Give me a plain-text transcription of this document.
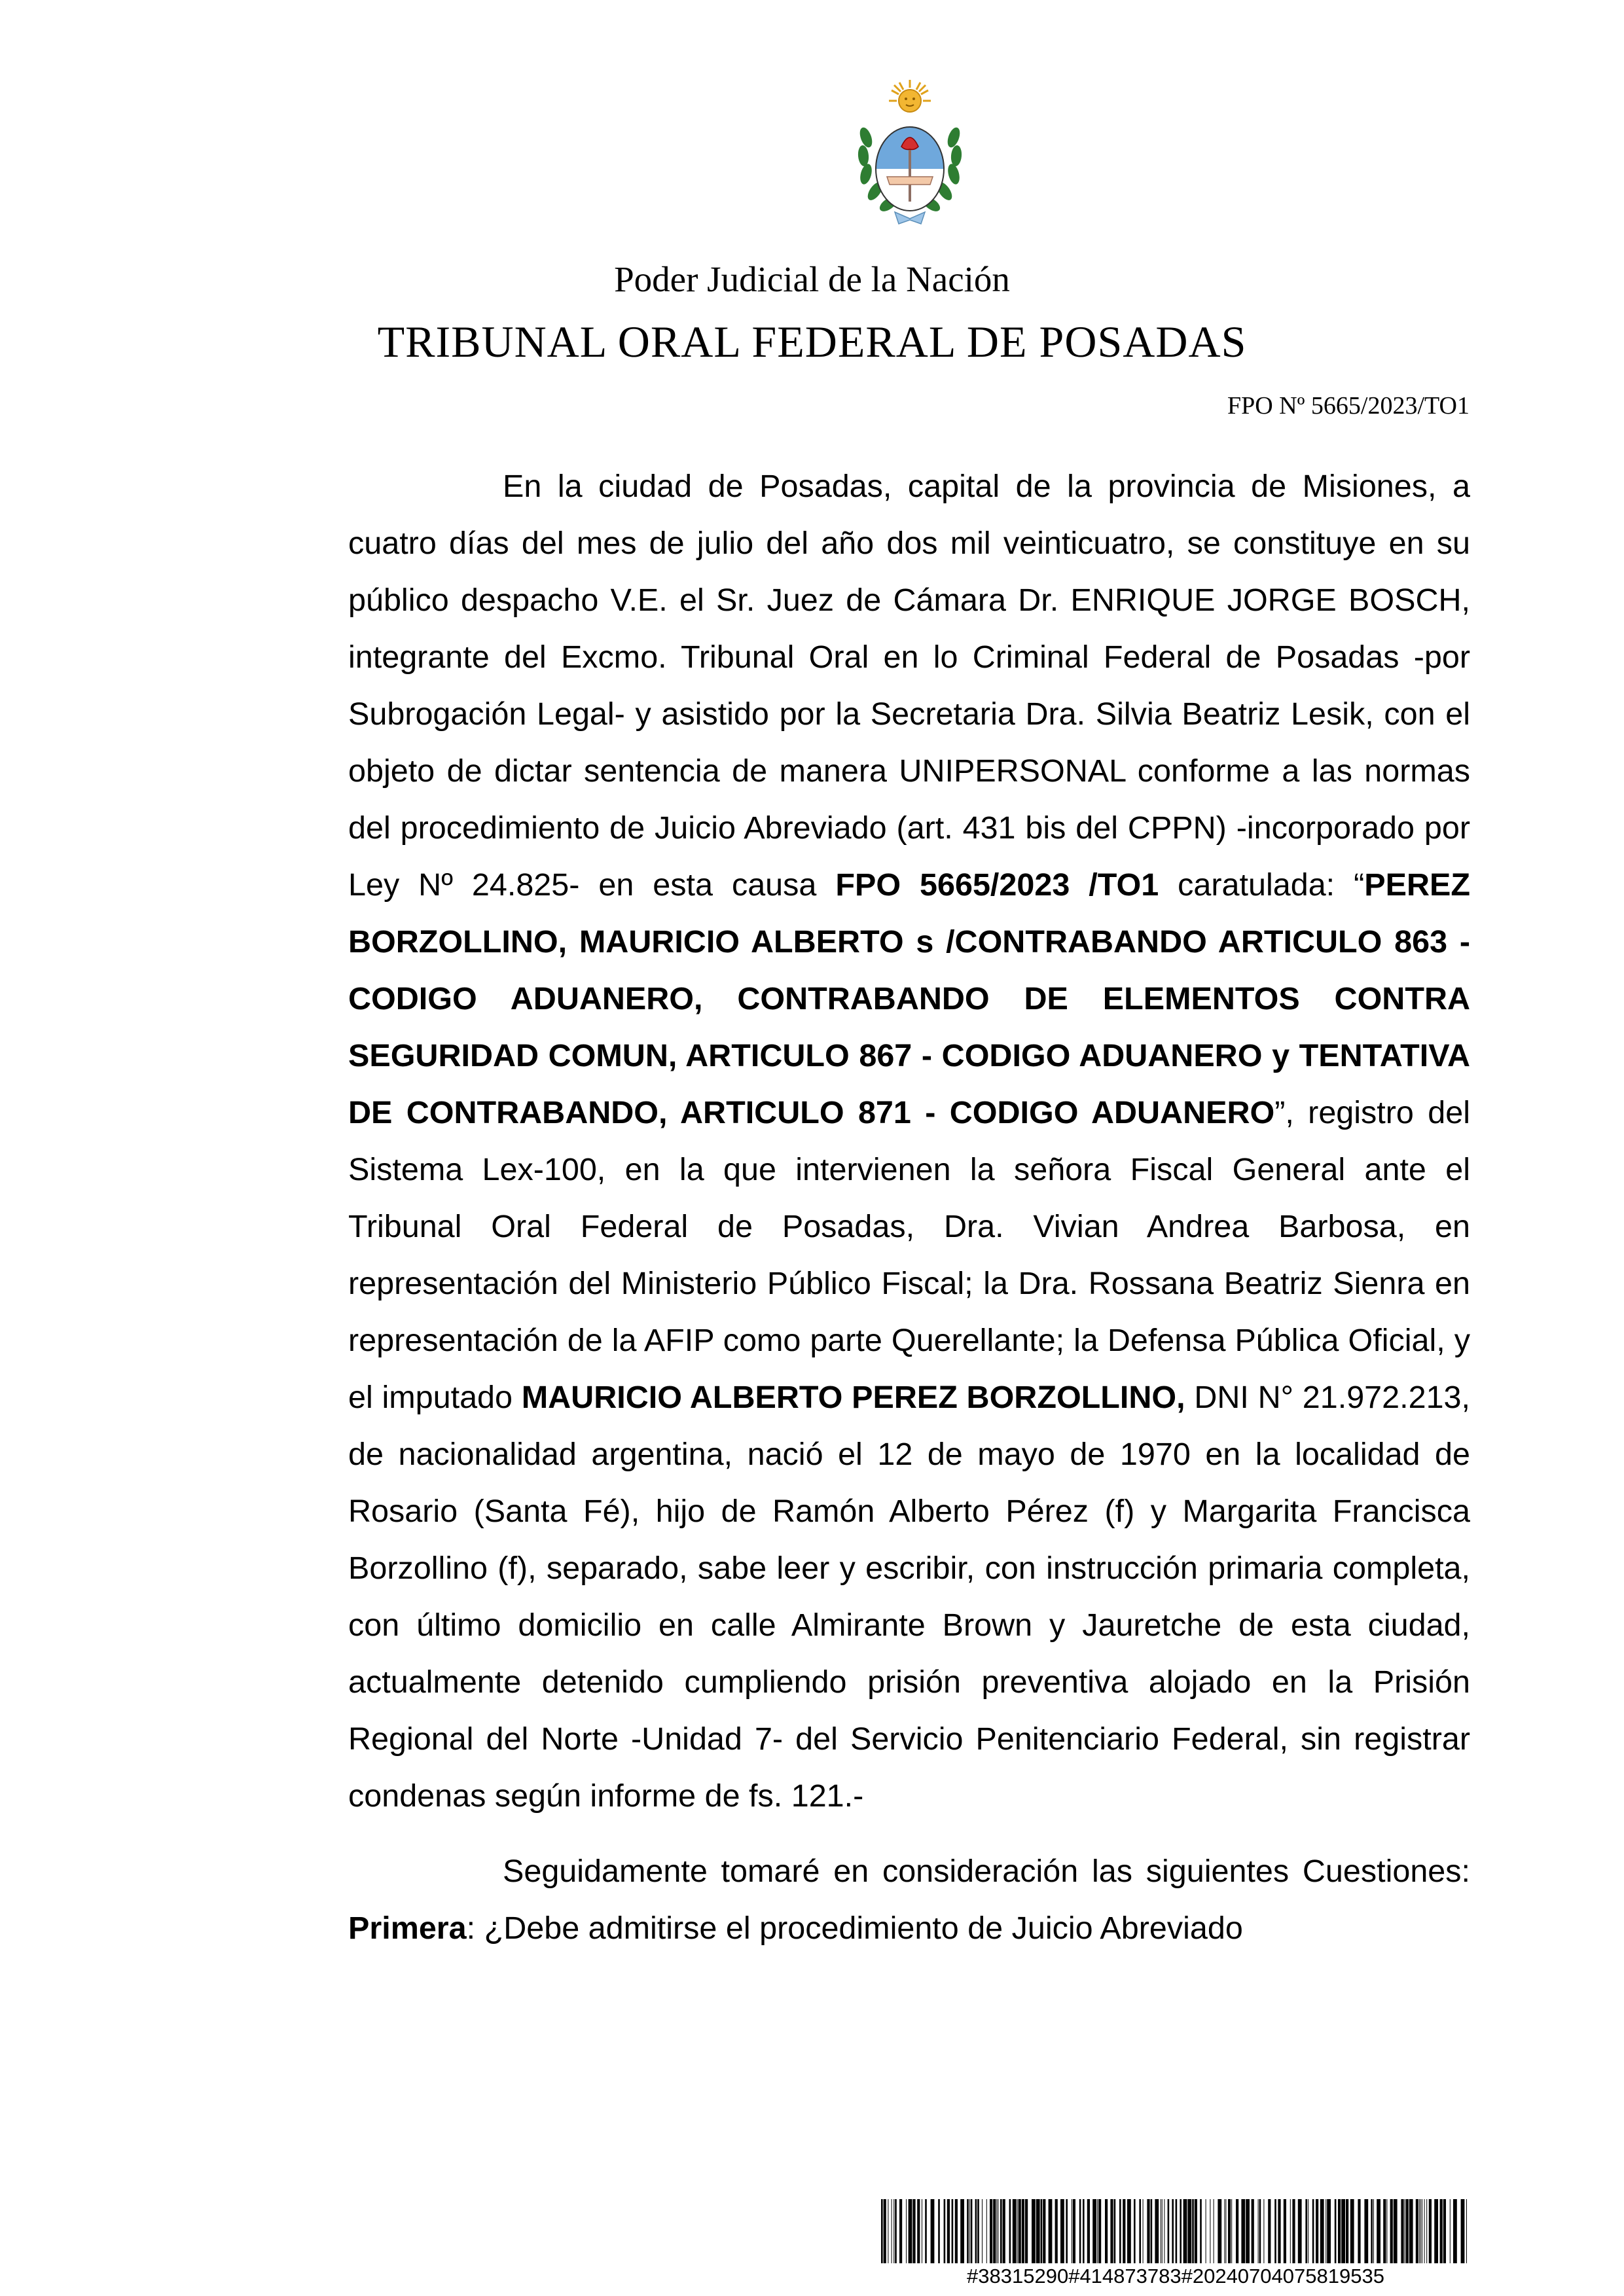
Poder Judicial de la Nación
TRIBUNAL ORAL FEDERAL DE POSADAS
FPO Nº 5665/2023/TO1

En la ciudad de Posadas, capital de la provincia de Misiones, a cuatro días del mes de julio del año dos mil veinticuatro, se constituye en su público despacho V.E. el Sr. Juez de Cámara Dr. ENRIQUE JORGE BOSCH, integrante del Excmo. Tribunal Oral en lo Criminal Federal de Posadas -por Subrogación Legal- y asistido por la Secretaria Dra. Silvia Beatriz Lesik, con el objeto de dictar sentencia de manera UNIPERSONAL conforme a las normas del procedimiento de Juicio Abreviado (art. 431 bis del CPPN) -incorporado por Ley Nº 24.825- en esta causa FPO 5665/2023 /TO1 caratulada: “PEREZ BORZOLLINO, MAURICIO ALBERTO s /CONTRABANDO ARTICULO 863 -CODIGO ADUANERO, CONTRABANDO DE ELEMENTOS CONTRA SEGURIDAD COMUN, ARTICULO 867 - CODIGO ADUANERO y TENTATIVA DE CONTRABANDO, ARTICULO 871 - CODIGO ADUANERO”, registro del Sistema Lex-100, en la que intervienen la señora Fiscal General ante el Tribunal Oral Federal de Posadas, Dra. Vivian Andrea Barbosa, en representación del Ministerio Público Fiscal; la Dra. Rossana Beatriz Sienra en representación de la AFIP como parte Querellante; la Defensa Pública Oficial, y el imputado MAURICIO ALBERTO PEREZ BORZOLLINO, DNI N° 21.972.213, de nacionalidad argentina, nació el 12 de mayo de 1970 en la localidad de Rosario (Santa Fé), hijo de Ramón Alberto Pérez (f) y Margarita Francisca Borzollino (f), separado, sabe leer y escribir, con instrucción primaria completa, con último domicilio en calle Almirante Brown y Jauretche de esta ciudad, actualmente detenido cumpliendo prisión preventiva alojado en la Prisión Regional del Norte -Unidad 7- del Servicio Penitenciario Federal, sin registrar condenas según informe de fs. 121.-

Seguidamente tomaré en consideración las siguientes Cuestiones: Primera: ¿Debe admitirse el procedimiento de Juicio Abreviado

#38315290#414873783#20240704075819535
